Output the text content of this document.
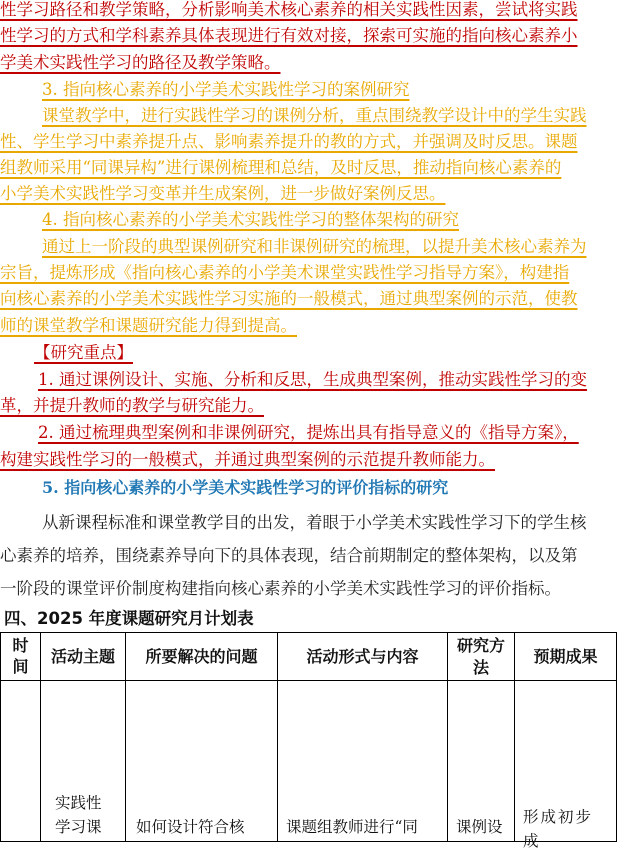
性学习路径和教学策略，分析影响美术核心素养的相关实践性因素，尝试将实践
性学习的方式和学科素养具体表现进行有效对接，探索可实施的指向核心素养小
学美术实践性学习的路径及教学策略。
3. 指向核心素养的小学美术实践性学习的案例研究
课堂教学中，进行实践性学习的课例分析，重点围绕教学设计中的学生实践
性、学生学习中素养提升点、影响素养提升的教的方式，并强调及时反思。课题
组教师采用“同课异构”进行课例梳理和总结，及时反思，推动指向核心素养的
小学美术实践性学习变革并生成案例，进一步做好案例反思。
4. 指向核心素养的小学美术实践性学习的整体架构的研究
通过上一阶段的典型课例研究和非课例研究的梳理，以提升美术核心素养为
宗旨，提炼形成《指向核心素养的小学美术课堂实践性学习指导方案》，构建指
向核心素养的小学美术实践性学习实施的一般模式，通过典型案例的示范，使教
师的课堂教学和课题研究能力得到提高。
【研究重点】
1. 通过课例设计、实施、分析和反思，生成典型案例，推动实践性学习的变
革，并提升教师的教学与研究能力。
2. 通过梳理典型案例和非课例研究，提炼出具有指导意义的《指导方案》，
构建实践性学习的一般模式，并通过典型案例的示范提升教师能力。
5. 指向核心素养的小学美术实践性学习的评价指标的研究
从新课程标准和课堂教学目的出发，着眼于小学美术实践性学习下的学生核
心素养的培养，围绕素养导向下的具体表现，结合前期制定的整体架构，以及第
一阶段的课堂评价制度构建指向核心素养的小学美术实践性学习的评价指标。
四、2025 年度课题研究月计划表
时间	活动主题	所要解决的问题	活动形式与内容	研究方法	预期成果

	实践性学习课	如何设计符合核	课题组教师进行“同	课例设	形成初步成
